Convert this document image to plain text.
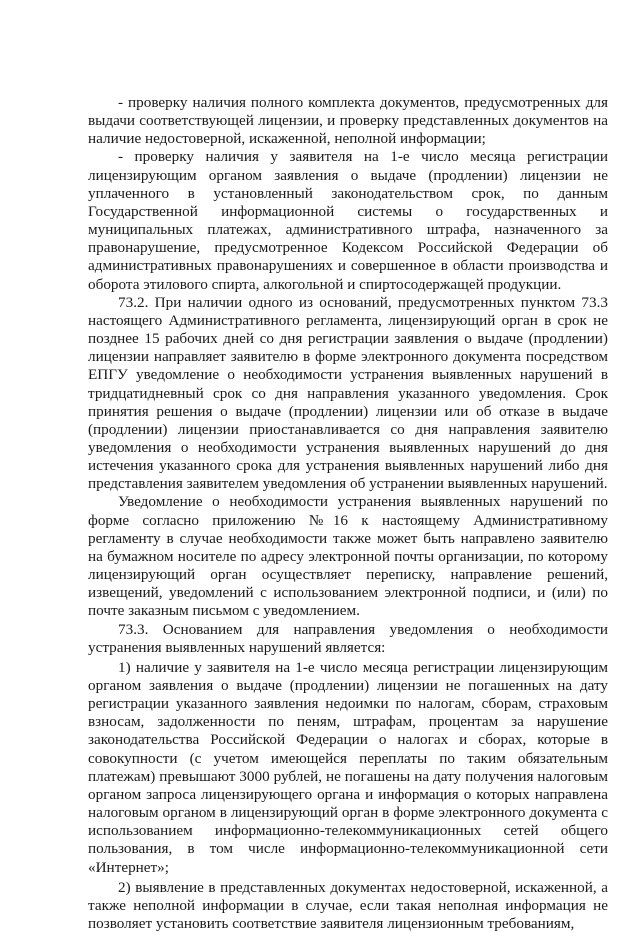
- проверку наличия полного комплекта документов, предусмотренных для выдачи соответствующей лицензии, и проверку представленных документов на наличие недостоверной, искаженной, неполной информации;

- проверку наличия у заявителя на 1-е число месяца регистрации лицензирующим органом заявления о выдаче (продлении) лицензии не уплаченного в установленный законодательством срок, по данным Государственной информационной системы о государственных и муниципальных платежах, административного штрафа, назначенного за правонарушение, предусмотренное Кодексом Российской Федерации об административных правонарушениях и совершенное в области производства и оборота этилового спирта, алкогольной и спиртосодержащей продукции.

73.2. При наличии одного из оснований, предусмотренных пунктом 73.3 настоящего Административного регламента, лицензирующий орган в срок не позднее 15 рабочих дней со дня регистрации заявления о выдаче (продлении) лицензии направляет заявителю в форме электронного документа посредством ЕПГУ уведомление о необходимости устранения выявленных нарушений в тридцатидневный срок со дня направления указанного уведомления. Срок принятия решения о выдаче (продлении) лицензии или об отказе в выдаче (продлении) лицензии приостанавливается со дня направления заявителю уведомления о необходимости устранения выявленных нарушений до дня истечения указанного срока для устранения выявленных нарушений либо дня представления заявителем уведомления об устранении выявленных нарушений.

Уведомление о необходимости устранения выявленных нарушений по форме согласно приложению №16 к настоящему Административному регламенту в случае необходимости также может быть направлено заявителю на бумажном носителе по адресу электронной почты организации, по которому лицензирующий орган осуществляет переписку, направление решений, извещений, уведомлений с использованием электронной подписи, и (или) по почте заказным письмом с уведомлением.

73.3. Основанием для направления уведомления о необходимости устранения выявленных нарушений является:

1) наличие у заявителя на 1-е число месяца регистрации лицензирующим органом заявления о выдаче (продлении) лицензии не погашенных на дату регистрации указанного заявления недоимки по налогам, сборам, страховым взносам, задолженности по пеням, штрафам, процентам за нарушение законодательства Российской Федерации о налогах и сборах, которые в совокупности (с учетом имеющейся переплаты по таким обязательным платежам) превышают 3000 рублей, не погашены на дату получения налоговым органом запроса лицензирующего органа и информация о которых направлена налоговым органом в лицензирующий орган в форме электронного документа с использованием информационно-телекоммуникационных сетей общего пользования, в том числе информационно-телекоммуникационной сети «Интернет»;

2) выявление в представленных документах недостоверной, искаженной, а также неполной информации в случае, если такая неполная информация не позволяет установить соответствие заявителя лицензионным требованиям,
